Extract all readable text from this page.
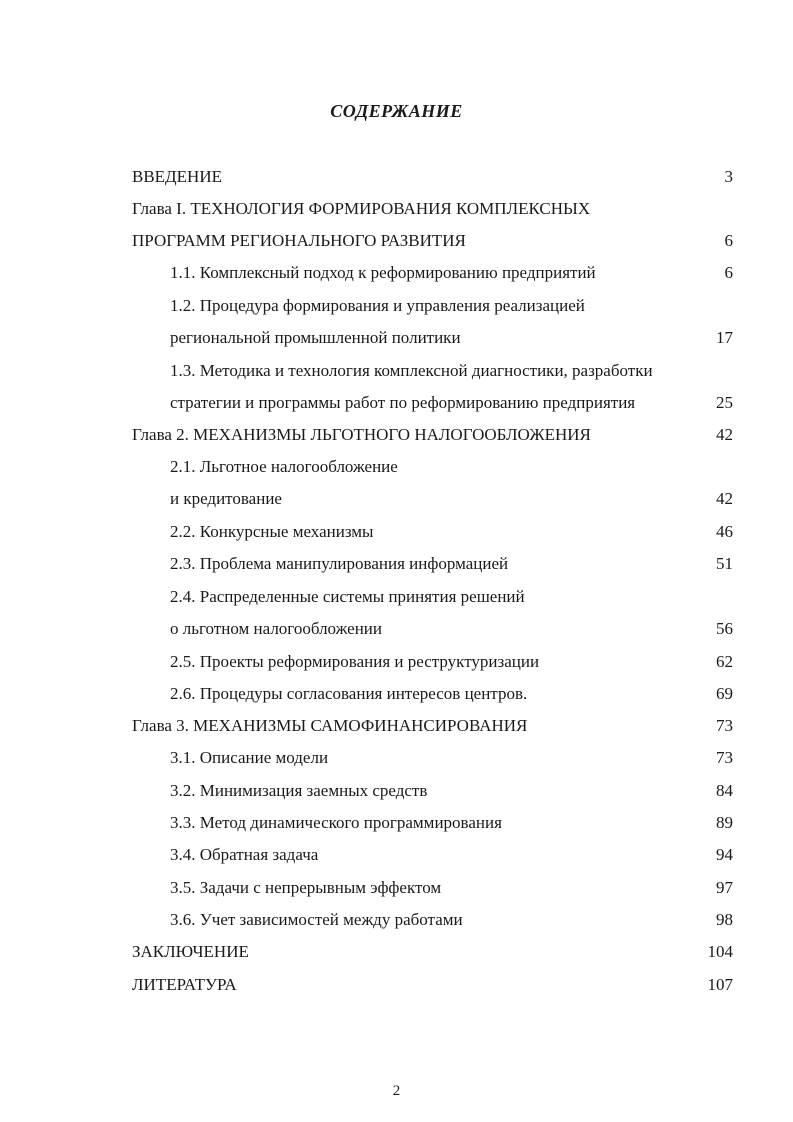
СОДЕРЖАНИЕ
ВВЕДЕНИЕ	3
Глава I. ТЕХНОЛОГИЯ ФОРМИРОВАНИЯ КОМПЛЕКСНЫХ
ПРОГРАММ РЕГИОНАЛЬНОГО РАЗВИТИЯ	6
1.1. Комплексный подход к реформированию предприятий	6
1.2. Процедура формирования и управления реализацией
региональной промышленной политики	17
1.3. Методика и технология комплексной диагностики, разработки
стратегии и программы работ по реформированию предприятия	25
Глава 2. МЕХАНИЗМЫ ЛЬГОТНОГО НАЛОГООБЛОЖЕНИЯ	42
2.1. Льготное налогообложение
и кредитование	42
2.2. Конкурсные механизмы	46
2.3. Проблема манипулирования информацией	51
2.4. Распределенные системы принятия решений
о льготном налогообложении	56
2.5. Проекты реформирования и реструктуризации	62
2.6. Процедуры согласования интересов центров.	69
Глава 3. МЕХАНИЗМЫ САМОФИНАНСИРОВАНИЯ	73
3.1. Описание модели	73
3.2. Минимизация заемных средств	84
3.3. Метод динамического программирования	89
3.4. Обратная задача	94
3.5. Задачи с непрерывным эффектом	97
3.6. Учет зависимостей между работами	98
ЗАКЛЮЧЕНИЕ	104
ЛИТЕРАТУРА	107
2
